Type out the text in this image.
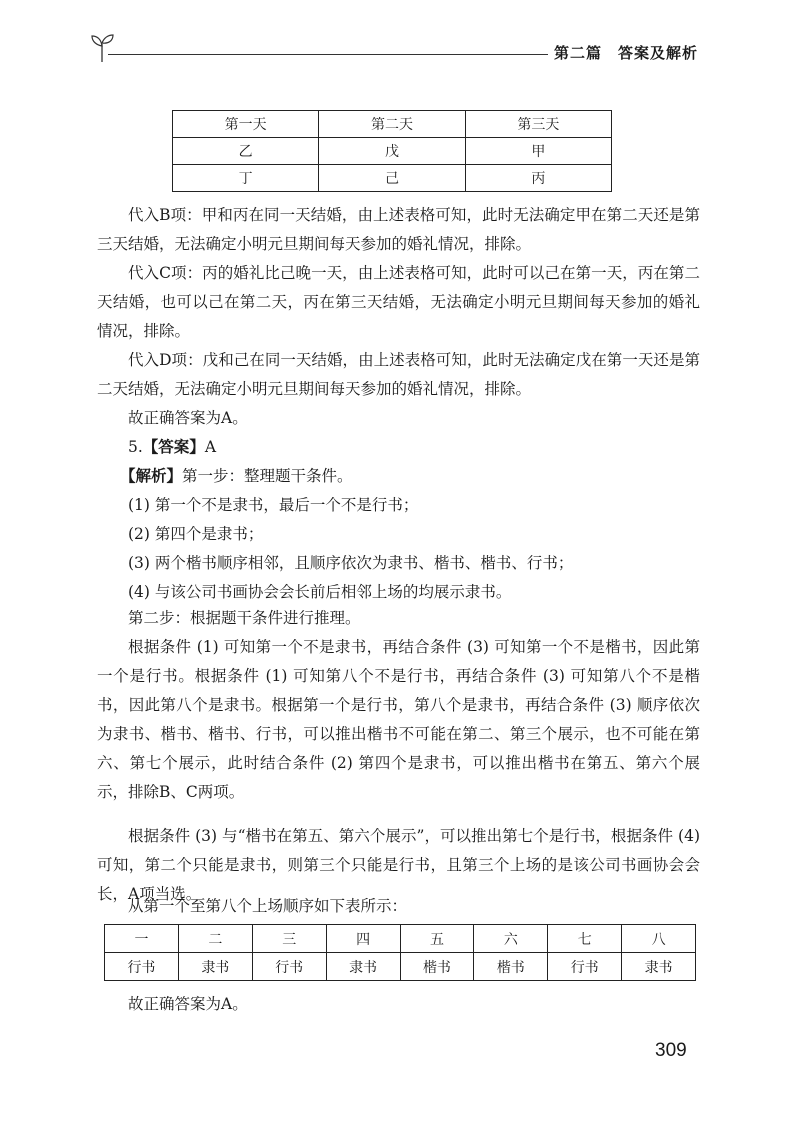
第二篇　答案及解析
第一天	第二天	第三天
乙	戊	甲
丁	己	丙

代入B项：甲和丙在同一天结婚，由上述表格可知，此时无法确定甲在第二天还是第三天结婚，无法确定小明元旦期间每天参加的婚礼情况，排除。

代入C项：丙的婚礼比己晚一天，由上述表格可知，此时可以己在第一天，丙在第二天结婚，也可以己在第二天，丙在第三天结婚，无法确定小明元旦期间每天参加的婚礼情况，排除。

代入D项：戊和己在同一天结婚，由上述表格可知，此时无法确定戊在第一天还是第二天结婚，无法确定小明元旦期间每天参加的婚礼情况，排除。

故正确答案为A。

5.【答案】A

【解析】第一步：整理题干条件。

(1) 第一个不是隶书，最后一个不是行书；

(2) 第四个是隶书；

(3) 两个楷书顺序相邻，且顺序依次为隶书、楷书、楷书、行书；

(4) 与该公司书画协会会长前后相邻上场的均展示隶书。

第二步：根据题干条件进行推理。

根据条件 (1) 可知第一个不是隶书，再结合条件 (3) 可知第一个不是楷书，因此第一个是行书。根据条件 (1) 可知第八个不是行书，再结合条件 (3) 可知第八个不是楷书，因此第八个是隶书。根据第一个是行书，第八个是隶书，再结合条件 (3) 顺序依次为隶书、楷书、楷书、行书，可以推出楷书不可能在第二、第三个展示，也不可能在第六、第七个展示，此时结合条件 (2) 第四个是隶书，可以推出楷书在第五、第六个展示，排除B、C两项。

根据条件 (3) 与“楷书在第五、第六个展示”，可以推出第七个是行书，根据条件 (4) 可知，第二个只能是隶书，则第三个只能是行书，且第三个上场的是该公司书画协会会长，A项当选。

从第一个至第八个上场顺序如下表所示：

一	二	三	四	五	六	七	八
行书	隶书	行书	隶书	楷书	楷书	行书	隶书

故正确答案为A。

309
